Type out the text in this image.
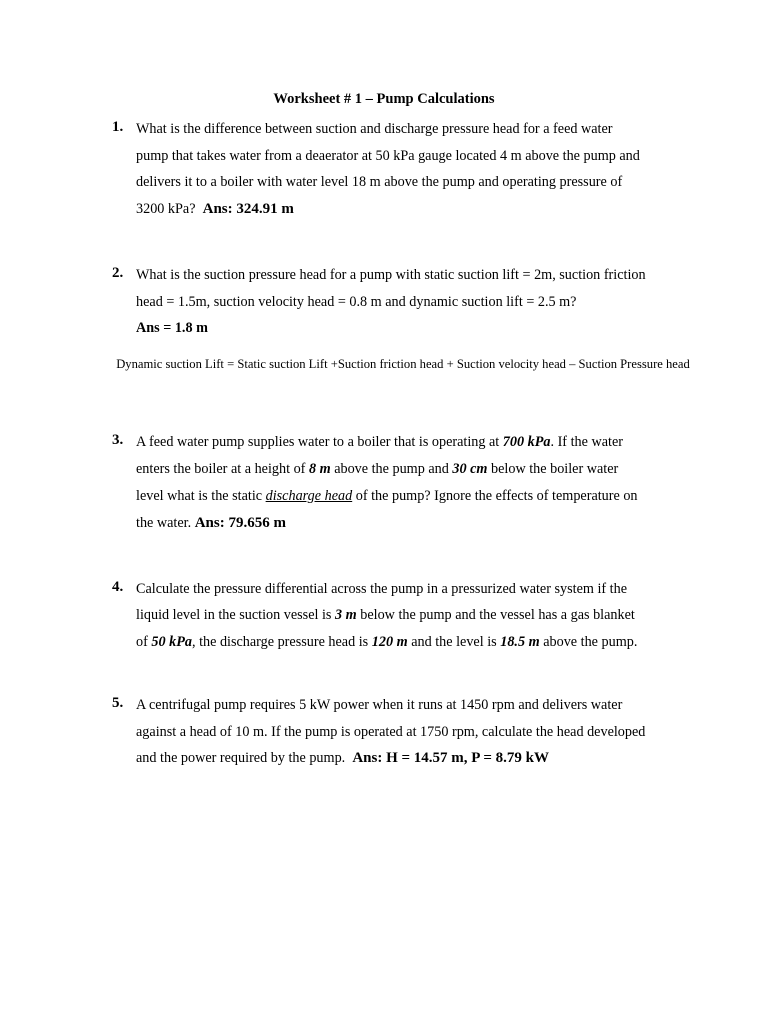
Worksheet # 1 – Pump Calculations
1. What is the difference between suction and discharge pressure head for a feed water
pump that takes water from a deaerator at 50 kPa gauge located 4 m above the pump and
delivers it to a boiler with water level 18 m above the pump and operating pressure of
3200 kPa? Ans: 324.91 m
2. What is the suction pressure head for a pump with static suction lift = 2m, suction friction
head = 1.5m, suction velocity head = 0.8 m and dynamic suction lift = 2.5 m?
Ans = 1.8 m
Dynamic suction Lift = Static suction Lift +Suction friction head + Suction velocity head – Suction Pressure head
3. A feed water pump supplies water to a boiler that is operating at 700 kPa. If the water
enters the boiler at a height of 8 m above the pump and 30 cm below the boiler water
level what is the static discharge head of the pump? Ignore the effects of temperature on
the water. Ans: 79.656 m
4. Calculate the pressure differential across the pump in a pressurized water system if the
liquid level in the suction vessel is 3 m below the pump and the vessel has a gas blanket
of 50 kPa, the discharge pressure head is 120 m and the level is 18.5 m above the pump.
5. A centrifugal pump requires 5 kW power when it runs at 1450 rpm and delivers water
against a head of 10 m. If the pump is operated at 1750 rpm, calculate the head developed
and the power required by the pump. Ans: H = 14.57 m, P = 8.79 kW
